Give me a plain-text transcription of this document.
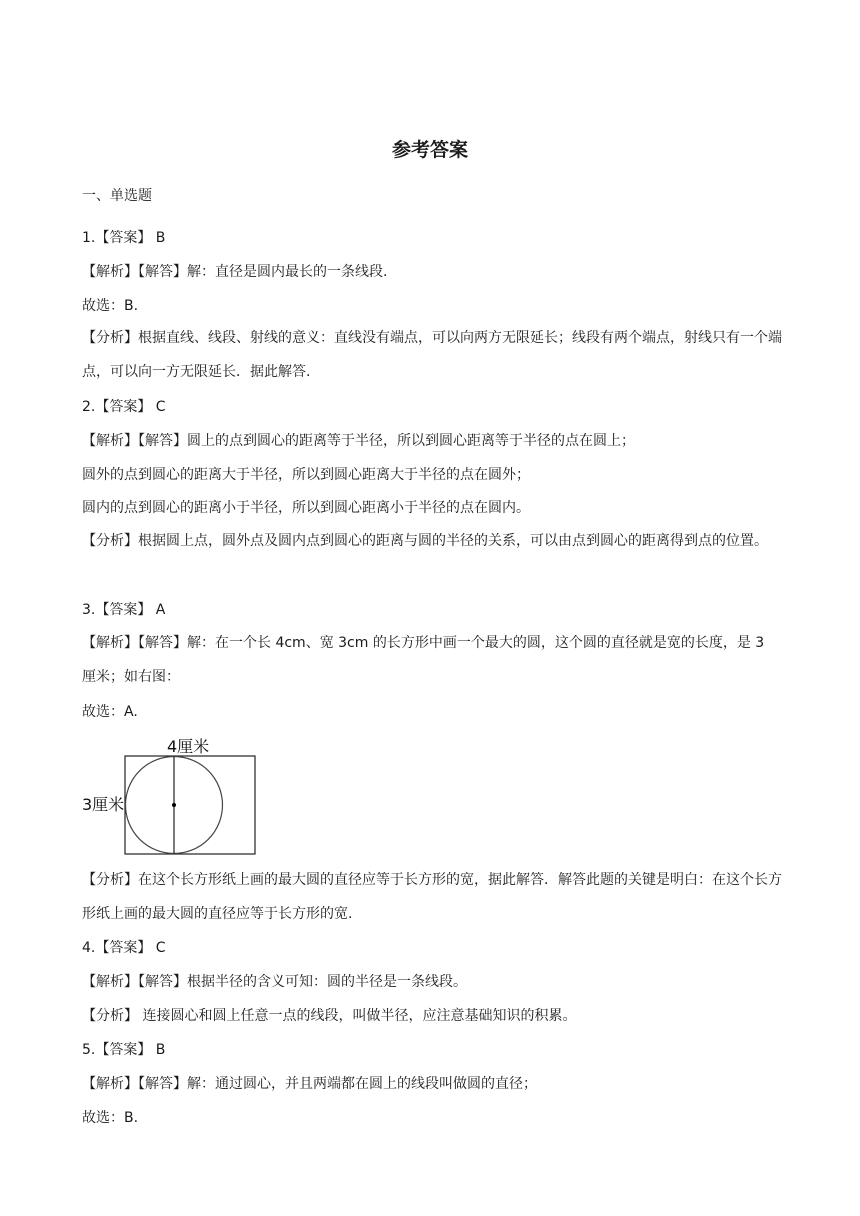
参考答案
一、单选题
1.【答案】 B
【解析】【解答】解：直径是圆内最长的一条线段.
故选：B.
【分析】根据直线、线段、射线的意义：直线没有端点，可以向两方无限延长；线段有两个端点，射线只有一个端点，可以向一方无限延长．据此解答.
2.【答案】 C
【解析】【解答】圆上的点到圆心的距离等于半径，所以到圆心距离等于半径的点在圆上；
圆外的点到圆心的距离大于半径，所以到圆心距离大于半径的点在圆外；
圆内的点到圆心的距离小于半径，所以到圆心距离小于半径的点在圆内。
【分析】根据圆上点，圆外点及圆内点到圆心的距离与圆的半径的关系，可以由点到圆心的距离得到点的位置。
3.【答案】 A
【解析】【解答】解：在一个长 4cm、宽 3cm 的长方形中画一个最大的圆，这个圆的直径就是宽的长度，是 3 厘米；如右图：
故选：A.
4厘米
3厘米
【分析】在这个长方形纸上画的最大圆的直径应等于长方形的宽，据此解答．解答此题的关键是明白：在这个长方形纸上画的最大圆的直径应等于长方形的宽.
4.【答案】 C
【解析】【解答】根据半径的含义可知：圆的半径是一条线段。
【分析】 连接圆心和圆上任意一点的线段，叫做半径，应注意基础知识的积累。
5.【答案】 B
【解析】【解答】解：通过圆心，并且两端都在圆上的线段叫做圆的直径；
故选：B.
